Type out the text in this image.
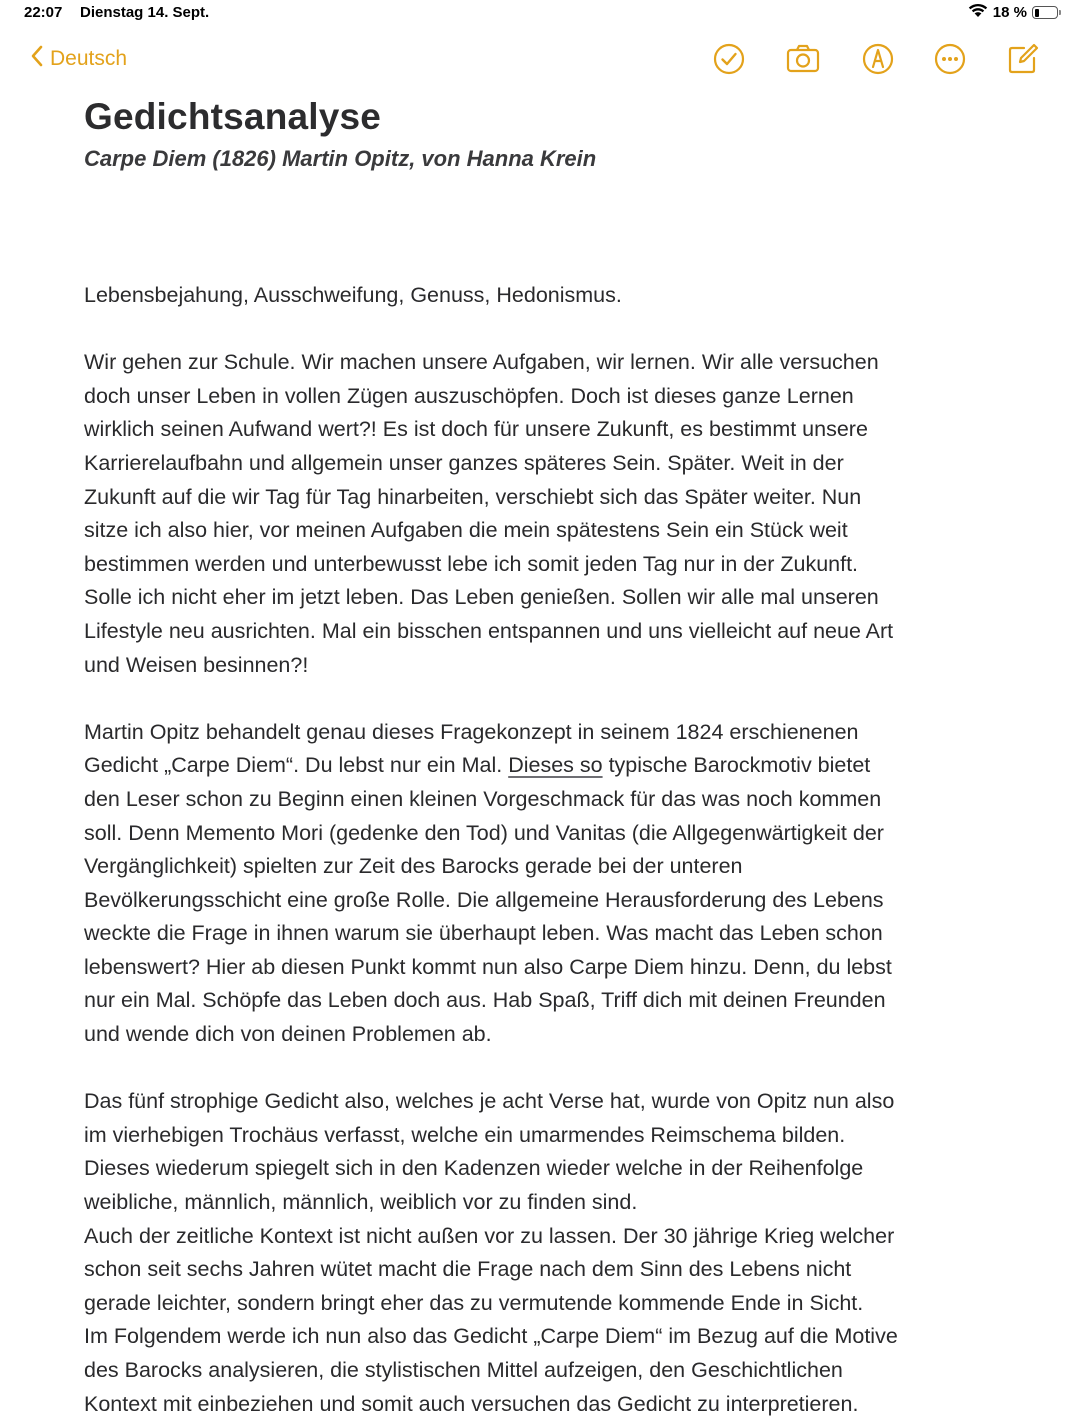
22:07 Dienstag 14. Sept.	18 %
Deutsch
Gedichtsanalyse
Carpe Diem (1826) Martin Opitz, von Hanna Krein

Lebensbejahung, Ausschweifung, Genuss, Hedonismus.

Wir gehen zur Schule. Wir machen unsere Aufgaben, wir lernen. Wir alle versuchen

doch unser Leben in vollen Zügen auszuschöpfen. Doch ist dieses ganze Lernen

wirklich seinen Aufwand wert?! Es ist doch für unsere Zukunft, es bestimmt unsere

Karrierelaufbahn und allgemein unser ganzes späteres Sein. Später. Weit in der

Zukunft auf die wir Tag für Tag hinarbeiten, verschiebt sich das Später weiter. Nun

sitze ich also hier, vor meinen Aufgaben die mein spätestens Sein ein Stück weit

bestimmen werden und unterbewusst lebe ich somit jeden Tag nur in der Zukunft.

Solle ich nicht eher im jetzt leben. Das Leben genießen. Sollen wir alle mal unseren

Lifestyle neu ausrichten. Mal ein bisschen entspannen und uns vielleicht auf neue Art

und Weisen besinnen?!

Martin Opitz behandelt genau dieses Fragekonzept in seinem 1824 erschienenen

Gedicht „Carpe Diem“. Du lebst nur ein Mal. Dieses so typische Barockmotiv bietet

den Leser schon zu Beginn einen kleinen Vorgeschmack für das was noch kommen

soll. Denn Memento Mori (gedenke den Tod) und Vanitas (die Allgegenwärtigkeit der

Vergänglichkeit) spielten zur Zeit des Barocks gerade bei der unteren

Bevölkerungsschicht eine große Rolle. Die allgemeine Herausforderung des Lebens

weckte die Frage in ihnen warum sie überhaupt leben. Was macht das Leben schon

lebenswert? Hier ab diesen Punkt kommt nun also Carpe Diem hinzu. Denn, du lebst

nur ein Mal. Schöpfe das Leben doch aus. Hab Spaß, Triff dich mit deinen Freunden

und wende dich von deinen Problemen ab.

Das fünf strophige Gedicht also, welches je acht Verse hat, wurde von Opitz nun also

im vierhebigen Trochäus verfasst, welche ein umarmendes Reimschema bilden.

Dieses wiederum spiegelt sich in den Kadenzen wieder welche in der Reihenfolge

weibliche, männlich, männlich, weiblich vor zu finden sind.

Auch der zeitliche Kontext ist nicht außen vor zu lassen. Der 30 jährige Krieg welcher

schon seit sechs Jahren wütet macht die Frage nach dem Sinn des Lebens nicht

gerade leichter, sondern bringt eher das zu vermutende kommende Ende in Sicht.

Im Folgendem werde ich nun also das Gedicht „Carpe Diem“ im Bezug auf die Motive

des Barocks analysieren, die stylistischen Mittel aufzeigen, den Geschichtlichen

Kontext mit einbeziehen und somit auch versuchen das Gedicht zu interpretieren.
